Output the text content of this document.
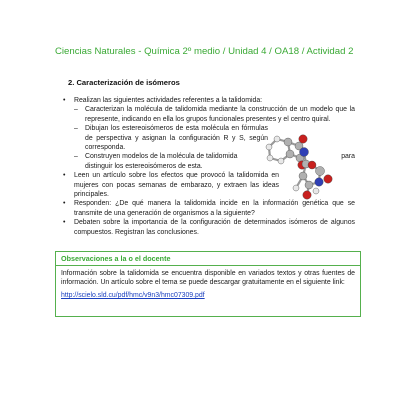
Ciencias Naturales - Química 2º medio / Unidad 4 / OA18 / Actividad 2
2. Caracterización de isómeros
• Realizan las siguientes actividades referentes a la talidomida:
– Caracterizan la molécula de talidomida mediante la construcción de un modelo que la represente, indicando en ella los grupos funcionales presentes y el centro quiral.
– Dibujan los estereoisómeros de esta molécula en fórmulas de perspectiva y asignan la configuración R y S, según corresponda.
– Construyen modelos de la molécula de talidomida	para
distinguir los estereoisómeros de esta.
• Leen un artículo sobre los efectos que provocó la talidomida en mujeres con pocas semanas de embarazo, y extraen las ideas principales.
• Responden: ¿De qué manera la talidomida incide en la información genética que se transmite de una generación de organismos a la siguiente?
• Debaten sobre la importancia de la configuración de determinados isómeros de algunos compuestos. Registran las conclusiones.
Observaciones a la o el docente
Información sobre la talidomida se encuentra disponible en variados textos y otras fuentes de información. Un artículo sobre el tema se puede descargar gratuitamente en el siguiente link:
http://scielo.sld.cu/pdf/hmc/v9n3/hmc07309.pdf
